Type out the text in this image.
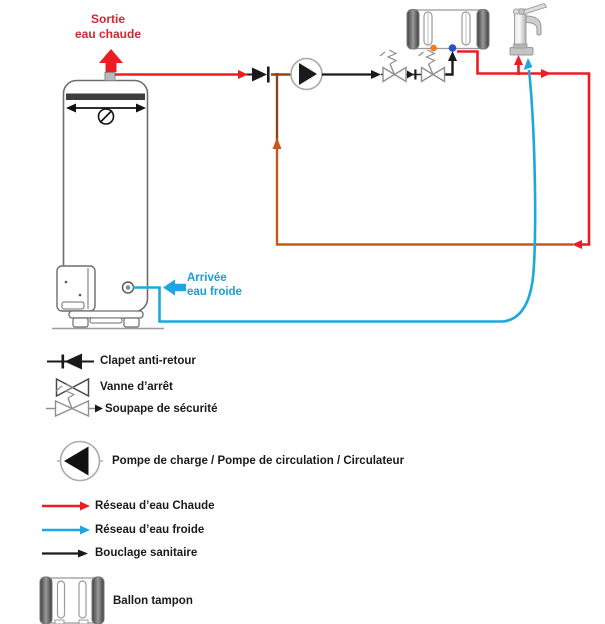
Sortie
eau chaude
Arrivée
eau froide
Clapet anti-retour
Vanne d’arrêt
Soupape de sécurité
Pompe de charge / Pompe de circulation / Circulateur
Réseau d’eau Chaude
Réseau d’eau froide
Bouclage sanitaire
Ballon tampon
